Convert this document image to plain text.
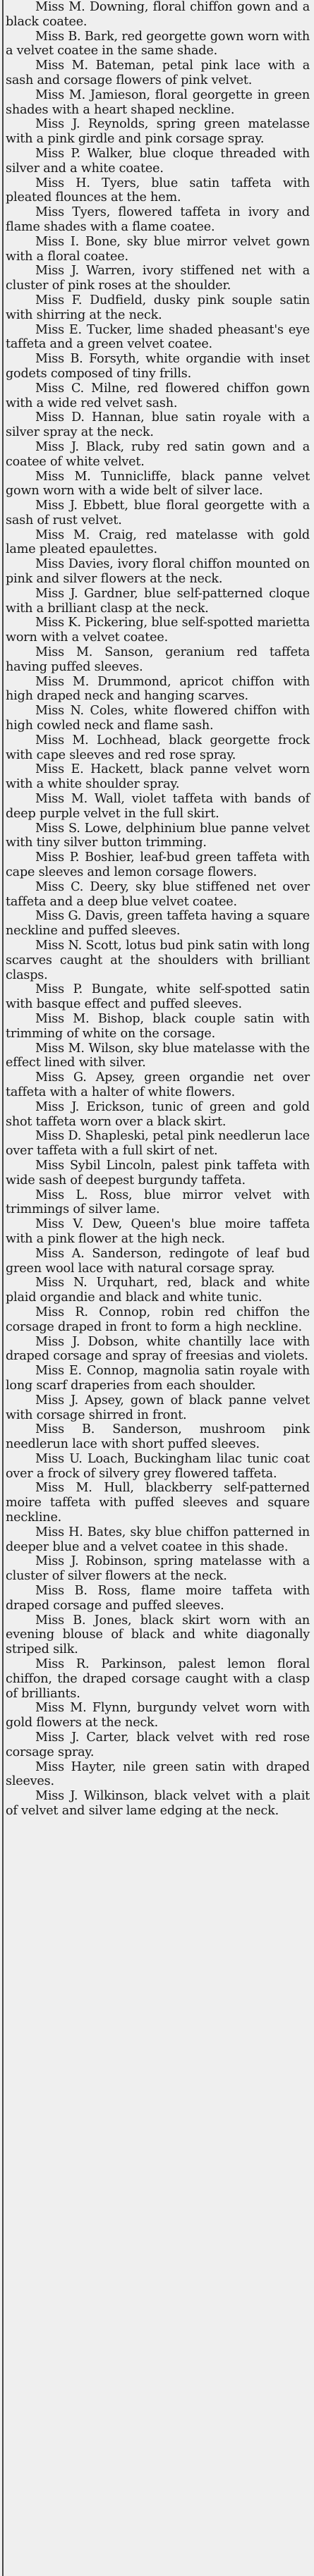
Miss M. Downing, floral chiffon gown and a black coatee.

Miss B. Bark, red georgette gown worn with a velvet coatee in the same shade.

Miss M. Bateman, petal pink lace with a sash and corsage flowers of pink velvet.

Miss M. Jamieson, floral georgette in green shades with a heart shaped neckline.

Miss J. Reynolds, spring green matelasse with a pink girdle and pink corsage spray.

Miss P. Walker, blue cloque threaded with silver and a white coatee.

Miss H. Tyers, blue satin taffeta with pleated flounces at the hem.

Miss Tyers, flowered taffeta in ivory and flame shades with a flame coatee.

Miss I. Bone, sky blue mirror velvet gown with a floral coatee.

Miss J. Warren, ivory stiffened net with a cluster of pink roses at the shoulder.

Miss F. Dudfield, dusky pink souple satin with shirring at the neck.

Miss E. Tucker, lime shaded pheasant's eye taffeta and a green velvet coatee.

Miss B. Forsyth, white organdie with inset godets composed of tiny frills.

Miss C. Milne, red flowered chiffon gown with a wide red velvet sash.

Miss D. Hannan, blue satin royale with a silver spray at the neck.

Miss J. Black, ruby red satin gown and a coatee of white velvet.

Miss M. Tunnicliffe, black panne velvet gown worn with a wide belt of silver lace.

Miss J. Ebbett, blue floral georgette with a sash of rust velvet.

Miss M. Craig, red matelasse with gold lame pleated epaulettes.

Miss Davies, ivory floral chiffon mounted on pink and silver flowers at the neck.

Miss J. Gardner, blue self-patterned cloque with a brilliant clasp at the neck.

Miss K. Pickering, blue self-spotted marietta worn with a velvet coatee.

Miss M. Sanson, geranium red taffeta having puffed sleeves.

Miss M. Drummond, apricot chiffon with high draped neck and hanging scarves.

Miss N. Coles, white flowered chiffon with high cowled neck and flame sash.

Miss M. Lochhead, black georgette frock with cape sleeves and red rose spray.

Miss E. Hackett, black panne velvet worn with a white shoulder spray.

Miss M. Wall, violet taffeta with bands of deep purple velvet in the full skirt.

Miss S. Lowe, delphinium blue panne velvet with tiny silver button trimming.

Miss P. Boshier, leaf-bud green taffeta with cape sleeves and lemon corsage flowers.

Miss C. Deery, sky blue stiffened net over taffeta and a deep blue velvet coatee.

Miss G. Davis, green taffeta having a square neckline and puffed sleeves.

Miss N. Scott, lotus bud pink satin with long scarves caught at the shoulders with brilliant clasps.

Miss P. Bungate, white self-spotted satin with basque effect and puffed sleeves.

Miss M. Bishop, black couple satin with trimming of white on the corsage.

Miss M. Wilson, sky blue matelasse with the effect lined with silver.

Miss G. Apsey, green organdie net over taffeta with a halter of white flowers.

Miss J. Erickson, tunic of green and gold shot taffeta worn over a black skirt.

Miss D. Shapleski, petal pink needlerun lace over taffeta with a full skirt of net.

Miss Sybil Lincoln, palest pink taffeta with wide sash of deepest burgundy taffeta.

Miss L. Ross, blue mirror velvet with trimmings of silver lame.

Miss V. Dew, Queen's blue moire taffeta with a pink flower at the high neck.

Miss A. Sanderson, redingote of leaf bud green wool lace with natural corsage spray.

Miss N. Urquhart, red, black and white plaid organdie and black and white tunic.

Miss R. Connop, robin red chiffon the corsage draped in front to form a high neckline.

Miss J. Dobson, white chantilly lace with draped corsage and spray of freesias and violets.

Miss E. Connop, magnolia satin royale with long scarf draperies from each shoulder.

Miss J. Apsey, gown of black panne velvet with corsage shirred in front.

Miss B. Sanderson, mushroom pink needlerun lace with short puffed sleeves.

Miss U. Loach, Buckingham lilac tunic coat over a frock of silvery grey flowered taffeta.

Miss M. Hull, blackberry self-patterned moire taffeta with puffed sleeves and square neckline.

Miss H. Bates, sky blue chiffon patterned in deeper blue and a velvet coatee in this shade.

Miss J. Robinson, spring matelasse with a cluster of silver flowers at the neck.

Miss B. Ross, flame moire taffeta with draped corsage and puffed sleeves.

Miss B. Jones, black skirt worn with an evening blouse of black and white diagonally striped silk.

Miss R. Parkinson, palest lemon floral chiffon, the draped corsage caught with a clasp of brilliants.

Miss M. Flynn, burgundy velvet worn with gold flowers at the neck.

Miss J. Carter, black velvet with red rose corsage spray.

Miss Hayter, nile green satin with draped sleeves.

Miss J. Wilkinson, black velvet with a plait of velvet and silver lame edging at the neck.
